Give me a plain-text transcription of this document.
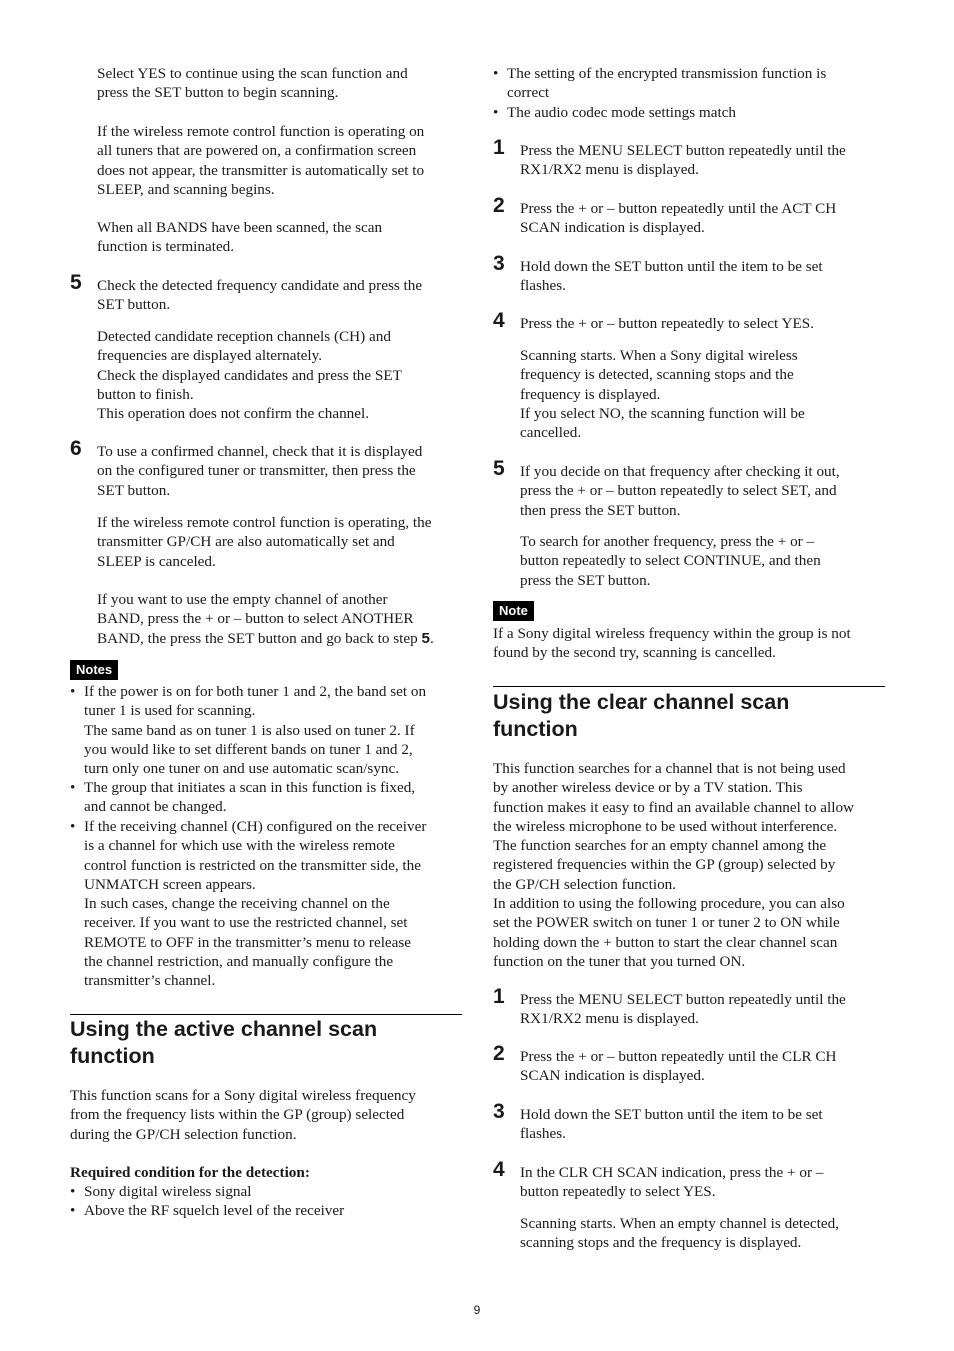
Select YES to continue using the scan function and
press the SET button to begin scanning.

If the wireless remote control function is operating on
all tuners that are powered on, a confirmation screen
does not appear, the transmitter is automatically set to
SLEEP, and scanning begins.

When all BANDS have been scanned, the scan
function is terminated.

5 Check the detected frequency candidate and press the
SET button.

Detected candidate reception channels (CH) and
frequencies are displayed alternately.
Check the displayed candidates and press the SET
button to finish.
This operation does not confirm the channel.

6 To use a confirmed channel, check that it is displayed
on the configured tuner or transmitter, then press the
SET button.

If the wireless remote control function is operating, the
transmitter GP/CH are also automatically set and
SLEEP is canceled.

If you want to use the empty channel of another
BAND, press the + or – button to select ANOTHER
BAND, the press the SET button and go back to step 5.

Notes
• If the power is on for both tuner 1 and 2, the band set on
tuner 1 is used for scanning.
The same band as on tuner 1 is also used on tuner 2. If
you would like to set different bands on tuner 1 and 2,
turn only one tuner on and use automatic scan/sync.

• The group that initiates a scan in this function is fixed,
and cannot be changed.

• If the receiving channel (CH) configured on the receiver
is a channel for which use with the wireless remote
control function is restricted on the transmitter side, the
UNMATCH screen appears.
In such cases, change the receiving channel on the
receiver. If you want to use the restricted channel, set
REMOTE to OFF in the transmitter’s menu to release
the channel restriction, and manually configure the
transmitter’s channel.

Using the active channel scan
function

This function scans for a Sony digital wireless frequency
from the frequency lists within the GP (group) selected
during the GP/CH selection function.

Required condition for the detection:

• Sony digital wireless signal

• Above the RF squelch level of the receiver

• The setting of the encrypted transmission function is
correct

• The audio codec mode settings match

1 Press the MENU SELECT button repeatedly until the
RX1/RX2 menu is displayed.

2 Press the + or – button repeatedly until the ACT CH
SCAN indication is displayed.

3 Hold down the SET button until the item to be set
flashes.

4 Press the + or – button repeatedly to select YES.

Scanning starts. When a Sony digital wireless
frequency is detected, scanning stops and the
frequency is displayed.
If you select NO, the scanning function will be
cancelled.

5 If you decide on that frequency after checking it out,
press the + or – button repeatedly to select SET, and
then press the SET button.

To search for another frequency, press the + or –
button repeatedly to select CONTINUE, and then
press the SET button.

Note

If a Sony digital wireless frequency within the group is not
found by the second try, scanning is cancelled.

Using the clear channel scan
function

This function searches for a channel that is not being used
by another wireless device or by a TV station. This
function makes it easy to find an available channel to allow
the wireless microphone to be used without interference.
The function searches for an empty channel among the
registered frequencies within the GP (group) selected by
the GP/CH selection function.
In addition to using the following procedure, you can also
set the POWER switch on tuner 1 or tuner 2 to ON while
holding down the + button to start the clear channel scan
function on the tuner that you turned ON.

1 Press the MENU SELECT button repeatedly until the
RX1/RX2 menu is displayed.

2 Press the + or – button repeatedly until the CLR CH
SCAN indication is displayed.

3 Hold down the SET button until the item to be set
flashes.

4 In the CLR CH SCAN indication, press the + or –
button repeatedly to select YES.

Scanning starts. When an empty channel is detected,
scanning stops and the frequency is displayed.

9
